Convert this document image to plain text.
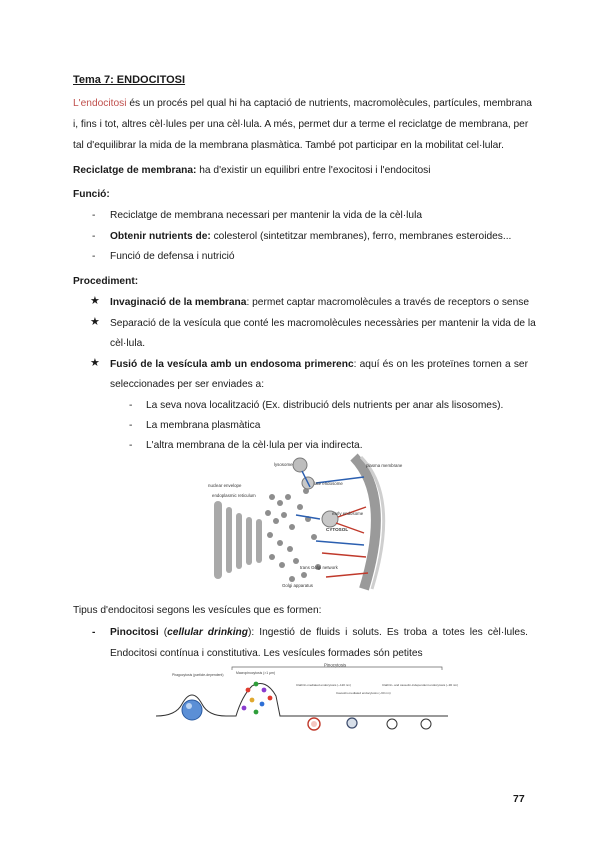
Tema 7: ENDOCITOSI
L'endocitosi és un procés pel qual hi ha captació de nutrients, macromolècules, partícules, membrana
i, fins i tot, altres cèl·lules per una cèl·lula. A més, permet dur a terme el reciclatge de membrana, per
tal d'equilibrar la mida de la membrana plasmàtica. També pot participar en la mobilitat cel·lular.
Reciclatge de membrana: ha d'existir un equilibri entre l'exocitosi i l'endocitosi
Funció:
- Reciclatge de membrana necessari per mantenir la vida de la cèl·lula
- Obtenir nutrients de: colesterol (sintetitzar membranes), ferro, membranes esteroides...
- Funció de defensa i nutrició
Procediment:
★ Invaginació de la membrana: permet captar macromolècules a través de receptors o sense
★ Separació de la vesícula que conté les macromolècules necessàries per mantenir la vida de la
cèl·lula.
★ Fusió de la vesícula amb un endosoma primerenc: aquí és on les proteïnes tornen a ser
seleccionades per ser enviades a:
- La seva nova localització (Ex. distribució dels nutrients per anar als lisosomes).
- La membrana plasmàtica
- L'altra membrana de la cèl·lula per via indirecta.
lysosome	plasma membrane
late endosome
nuclear envelope
endoplasmic reticulum
early endosome
CYTOSOL
Golgi apparatus
trans Golgi network
Tipus d'endocitosi segons les vesícules que es formen:
- Pinocitosi (cellular drinking): Ingestió de fluids i soluts. Es troba a totes les cèl·lules.
Endocitosi contínua i constitutiva. Les vesícules formades són petites
Pinocytosis
Phagocytosis (particle-dependent)	Macropinocytosis (>1 μm)
Clathrin-mediated endocytosis (~120 nm)
Caveolin-mediated endocytosis (~60 nm)
Clathrin- and caveolin-independent endocytosis (~90 nm)
77
